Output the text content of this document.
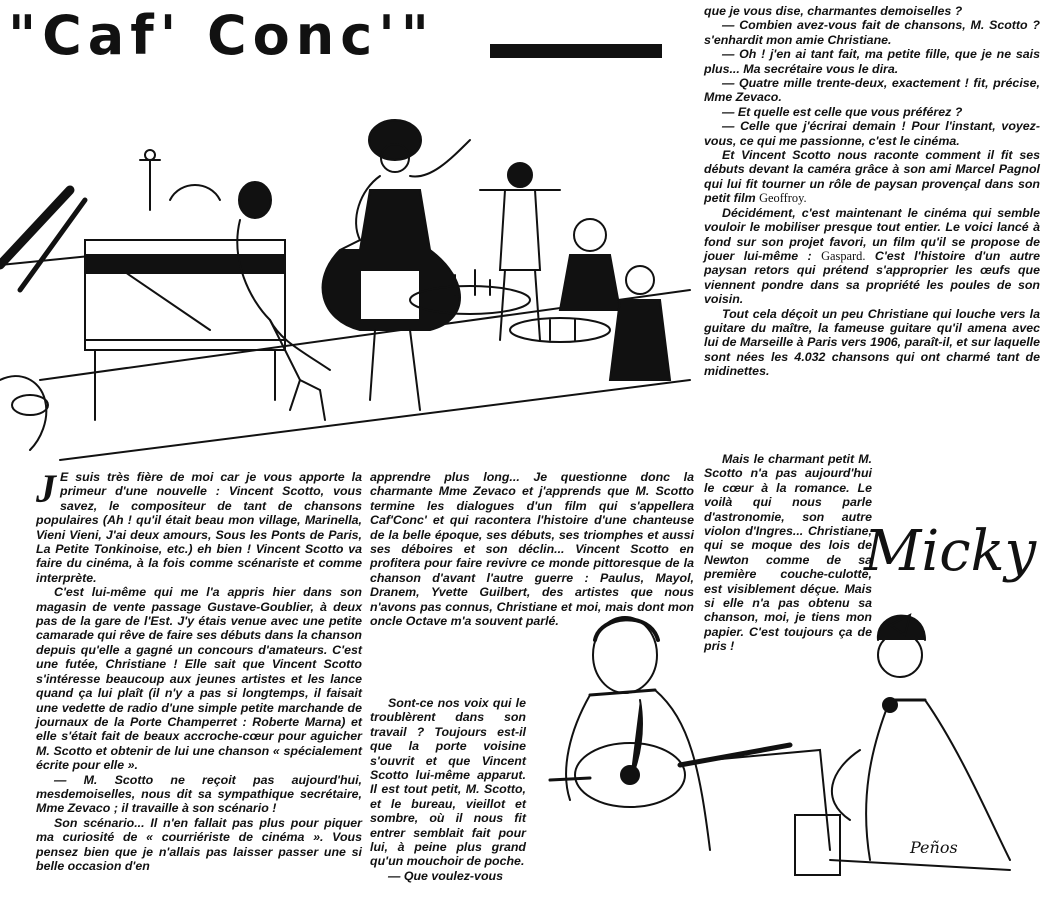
"Caf' Conc'"

J E suis très fière de moi car je vous apporte la primeur d'une nouvelle : Vincent Scotto, vous savez, le compositeur de tant de chansons populaires (Ah ! qu'il était beau mon village, Marinella, Vieni Vieni, J'ai deux amours, Sous les Ponts de Paris, La Petite Tonkinoise, etc.) eh bien ! Vincent Scotto va faire du cinéma, à la fois comme scénariste et comme interprète.

C'est lui-même qui me l'a appris hier dans son magasin de vente passage Gustave-Goublier, à deux pas de la gare de l'Est. J'y étais venue avec une petite camarade qui rêve de faire ses débuts dans la chanson depuis qu'elle a gagné un concours d'amateurs. C'est une futée, Christiane ! Elle sait que Vincent Scotto s'intéresse beaucoup aux jeunes artistes et les lance quand ça lui plaît (il n'y a pas si longtemps, il faisait une vedette de radio d'une simple petite marchande de journaux de la Porte Champerret : Roberte Marna) et elle s'était fait de beaux accroche-cœur pour aguicher M. Scotto et obtenir de lui une chanson « spécialement écrite pour elle ».

— M. Scotto ne reçoit pas aujourd'hui, mesdemoiselles, nous dit sa sympathique secrétaire, Mme Zevaco ; il travaille à son scénario !

Son scénario... Il n'en fallait pas plus pour piquer ma curiosité de « courriériste de cinéma ». Vous pensez bien que je n'allais pas laisser passer une si belle occasion d'en

apprendre plus long... Je questionne donc la charmante Mme Zevaco et j'apprends que M. Scotto termine les dialogues d'un film qui s'appellera Caf'Conc' et qui racontera l'histoire d'une chanteuse de la belle époque, ses débuts, ses triomphes et aussi ses déboires et son déclin... Vincent Scotto en profitera pour faire revivre ce monde pittoresque de la chanson d'avant l'autre guerre : Paulus, Mayol, Dranem, Yvette Guilbert, des artistes que nous n'avons pas connus, Christiane et moi, mais dont mon oncle Octave m'a souvent parlé.

Sont-ce nos voix qui le troublèrent dans son travail ? Toujours est-il que la porte voisine s'ouvrit et que Vincent Scotto lui-même apparut. Il est tout petit, M. Scotto, et le bureau, vieillot et sombre, où il nous fit entrer semblait fait pour lui, à peine plus grand qu'un mouchoir de poche.

— Que voulez-vous

que je vous dise, charmantes demoiselles ?

— Combien avez-vous fait de chansons, M. Scotto ? s'enhardit mon amie Christiane.

— Oh ! j'en ai tant fait, ma petite fille, que je ne sais plus... Ma secrétaire vous le dira.

— Quatre mille trente-deux, exactement ! fit, précise, Mme Zevaco.

— Et quelle est celle que vous préférez ?

— Celle que j'écrirai demain ! Pour l'instant, voyez-vous, ce qui me passionne, c'est le cinéma.

Et Vincent Scotto nous raconte comment il fit ses débuts devant la caméra grâce à son ami Marcel Pagnol qui lui fit tourner un rôle de paysan provençal dans son petit film Geoffroy.

Décidément, c'est maintenant le cinéma qui semble vouloir le mobiliser presque tout entier. Le voici lancé à fond sur son projet favori, un film qu'il se propose de jouer lui-même : Gaspard. C'est l'histoire d'un autre paysan retors qui prétend s'approprier les œufs que viennent pondre dans sa propriété les poules de son voisin.

Tout cela déçoit un peu Christiane qui louche vers la guitare du maître, la fameuse guitare qu'il amena avec lui de Marseille à Paris vers 1906, paraît-il, et sur laquelle sont nées les 4.032 chansons qui ont charmé tant de midinettes.

Mais le charmant petit M. Scotto n'a pas aujourd'hui le cœur à la romance. Le voilà qui nous parle d'astronomie, son autre violon d'Ingres... Christiane, qui se moque des lois de Newton comme de sa première couche-culotte, est visiblement déçue. Mais si elle n'a pas obtenu sa chanson, moi, je tiens mon papier. C'est toujours ça de pris !

Micky
Peños
